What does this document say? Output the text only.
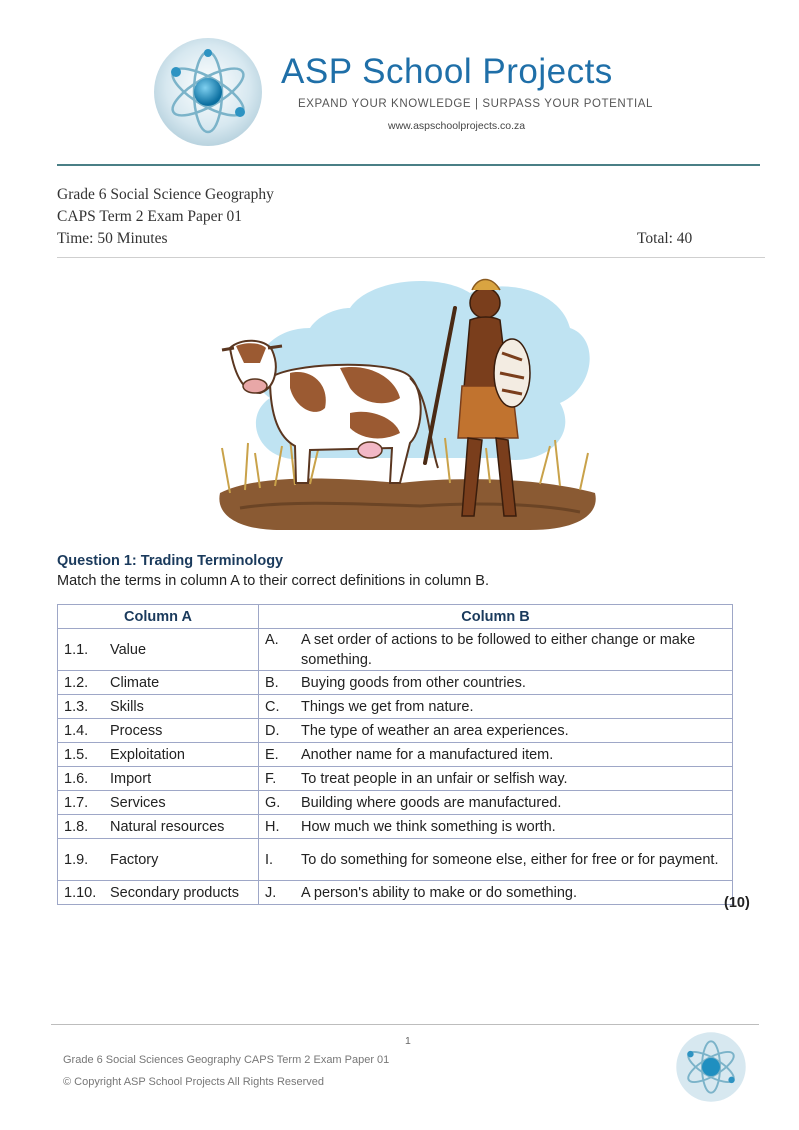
ASP School Projects
EXPAND YOUR KNOWLEDGE | SURPASS YOUR POTENTIAL
www.aspschoolprojects.co.za
Grade 6 Social Science Geography
CAPS Term 2 Exam Paper 01
Time: 50 Minutes	Total: 40
Question 1: Trading Terminology
Match the terms in column A to their correct definitions in column B.
Column A	Column B
1.1. Value	A. A set order of actions to be followed to either change or make something.
1.2. Climate	B. Buying goods from other countries.
1.3. Skills	C. Things we get from nature.
1.4. Process	D. The type of weather an area experiences.
1.5. Exploitation	E. Another name for a manufactured item.
1.6. Import	F. To treat people in an unfair or selfish way.
1.7. Services	G. Building where goods are manufactured.
1.8. Natural resources	H. How much we think something is worth.
1.9. Factory	I. To do something for someone else, either for free or for payment.
1.10. Secondary products	J. A person's ability to make or do something.
(10)
1
Grade 6 Social Sciences Geography CAPS Term 2 Exam Paper 01
© Copyright ASP School Projects All Rights Reserved
